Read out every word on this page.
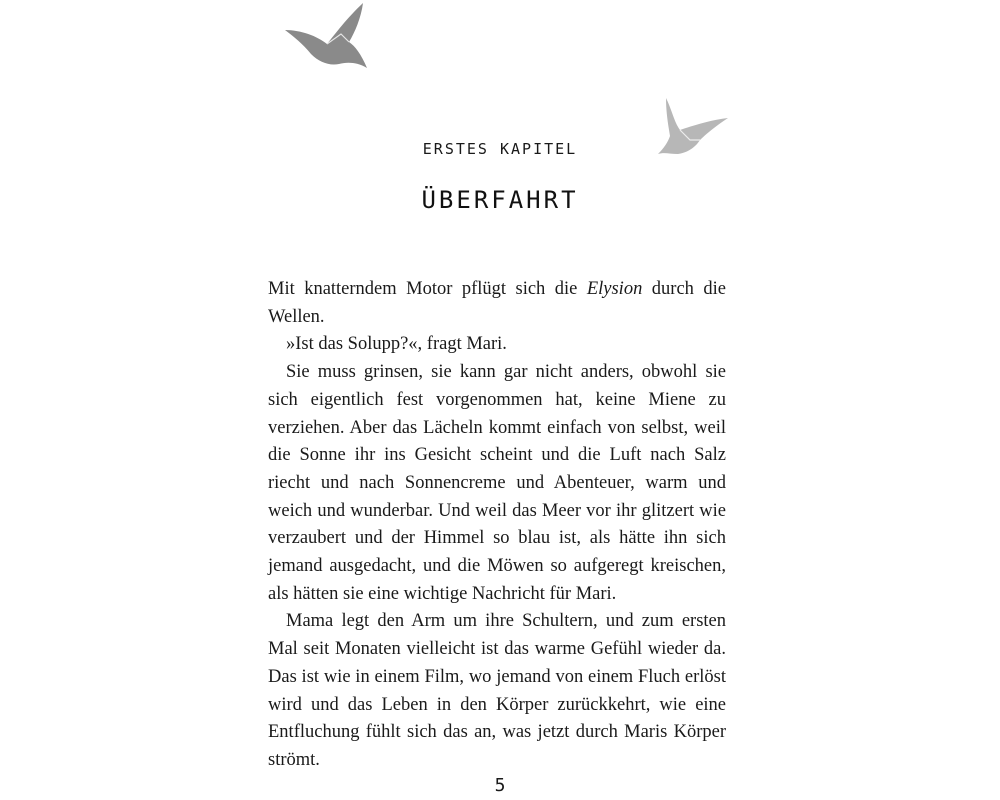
ERSTES KAPITEL
ÜBERFAHRT

Mit knatterndem Motor pflügt sich die Elysion durch die Wellen.

»Ist das Solupp?«, fragt Mari.

Sie muss grinsen, sie kann gar nicht anders, obwohl sie sich eigentlich fest vorgenommen hat, keine Miene zu verziehen. Aber das Lächeln kommt einfach von selbst, weil die Sonne ihr ins Gesicht scheint und die Luft nach Salz riecht und nach Sonnencreme und Abenteuer, warm und weich und wunderbar. Und weil das Meer vor ihr glitzert wie verzaubert und der Himmel so blau ist, als hätte ihn sich jemand ausgedacht, und die Möwen so aufgeregt kreischen, als hätten sie eine wichtige Nachricht für Mari.

Mama legt den Arm um ihre Schultern, und zum ersten Mal seit Monaten vielleicht ist das warme Gefühl wieder da. Das ist wie in einem Film, wo jemand von einem Fluch erlöst wird und das Leben in den Körper zurückkehrt, wie eine Entfluchung fühlt sich das an, was jetzt durch Maris Körper strömt.

5
